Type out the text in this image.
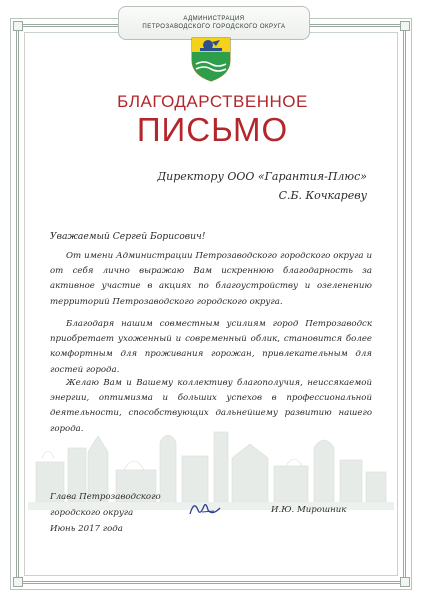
АДМИНИСТРАЦИЯ
ПЕТРОЗАВОДСКОГО ГОРОДСКОГО ОКРУГА
БЛАГОДАРСТВЕННОЕ
ПИСЬМО
Директору ООО «Гарантия-Плюс»
С.Б. Кочкареву
Уважаемый Сергей Борисович!
От имени Администрации Петрозаводского городского округа и от себя лично выражаю Вам искреннюю благодарность за активное участие в акциях по благоустройству и озеленению территорий Петрозаводского городского округа.
Благодаря нашим совместным усилиям город Петрозаводск приобретает ухоженный и современный облик, становится более комфортным для проживания горожан, привлекательным для гостей города.
Желаю Вам и Вашему коллективу благополучия, неиссякаемой энергии, оптимизма и больших успехов в профессиональной деятельности, способствующих дальнейшему развитию нашего города.
Глава Петрозаводского
городского округа
Июнь 2017 года
И.Ю. Мирошник
